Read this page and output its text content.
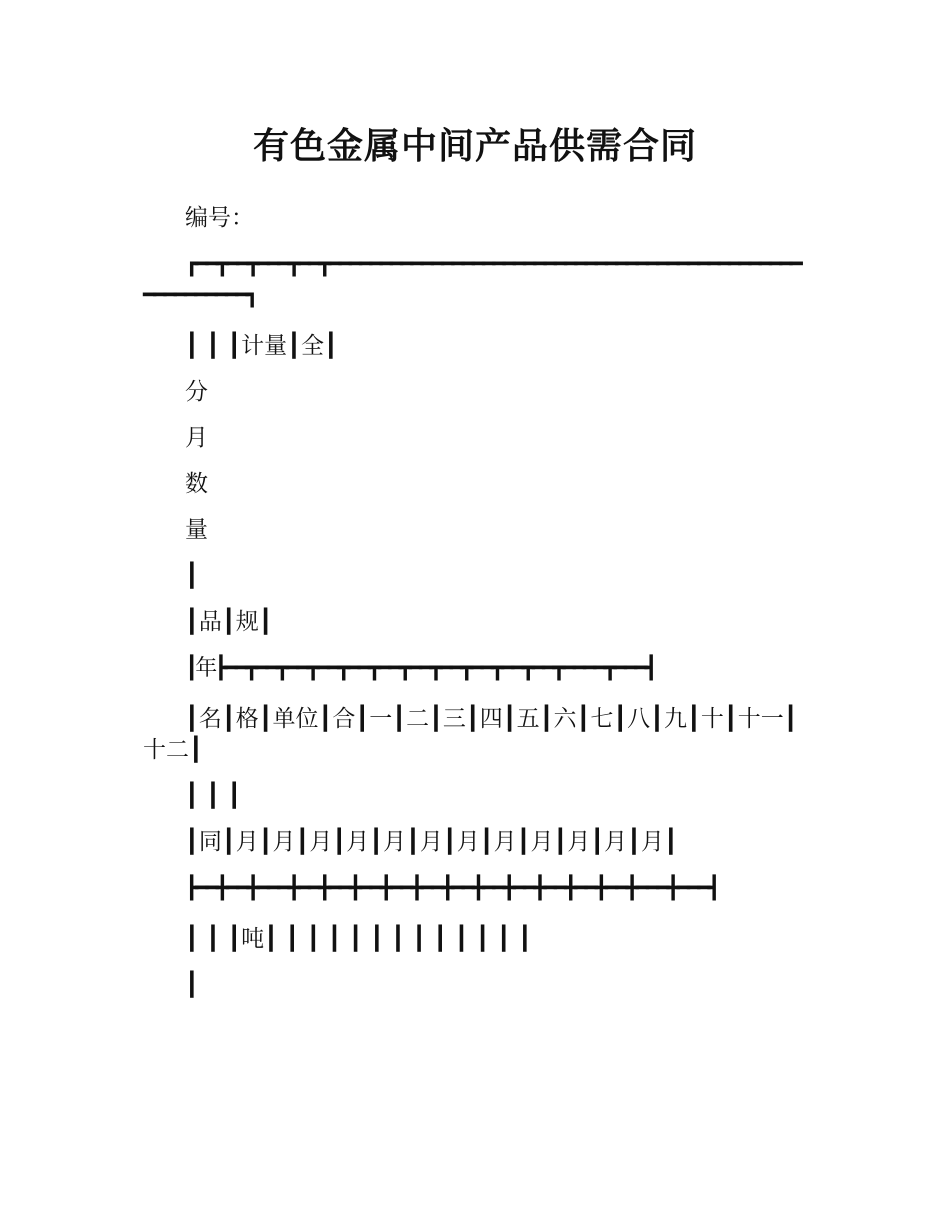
有色金属中间产品供需合同

编号：

┏━━┳━━┳━━━┳━━┳━━━━━━━━━━━━━━━━━━━━━━━━━━━━━━━━━━━━━━━━━━━━━━━━━━━━━━━━┓

┃ ┃ ┃计量┃全┃

分

月

数

量

┃

┃品┃规┃

┃年┣━━┳━━┳━━┳━━┳━━┳━━┳━━┳━━┳━━┳━━┳━━┳━━━━┳━━━┫

┃名┃格┃单位┃合┃一┃二┃三┃四┃五┃六┃七┃八┃九┃十┃十一┃十二┃

┃ ┃ ┃

┃同┃月┃月┃月┃月┃月┃月┃月┃月┃月┃月┃月┃月┃

┣━━╋━━╋━━━╋━━╋━━╋━━╋━━╋━━╋━━╋━━╋━━╋━━╋━━╋━━╋━━━╋━━━┫

┃ ┃ ┃吨┃ ┃ ┃ ┃ ┃ ┃ ┃ ┃ ┃ ┃ ┃ ┃ ┃

┃
